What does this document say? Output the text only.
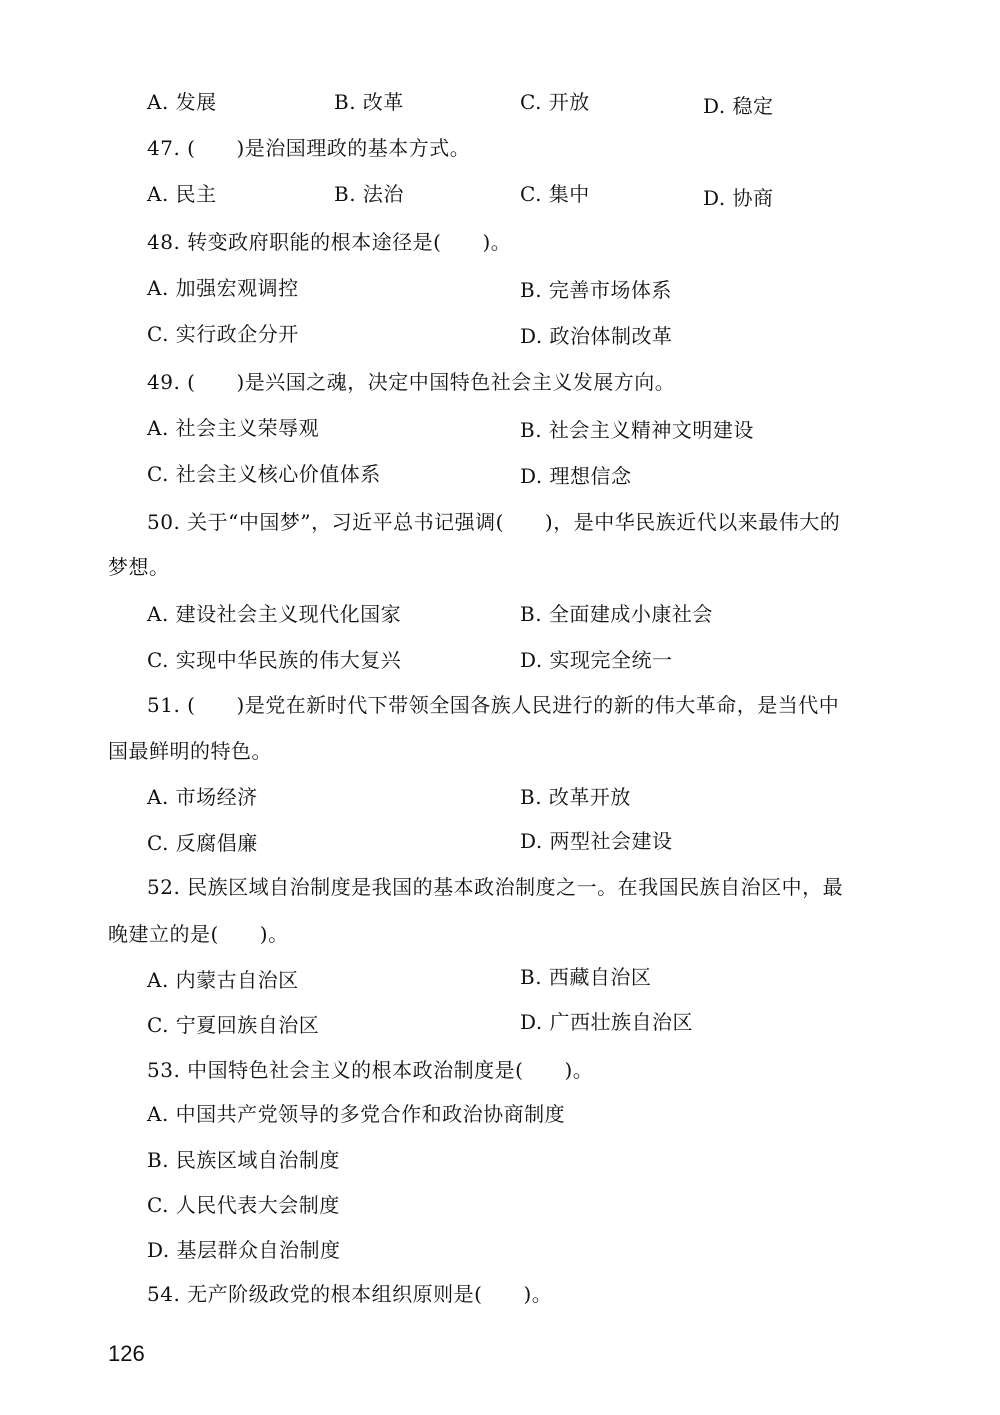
A. 发展	B. 改革	C. 开放	D. 稳定
47. (　　)是治国理政的基本方式。
A. 民主	B. 法治	C. 集中	D. 协商
48. 转变政府职能的根本途径是(　　)。
A. 加强宏观调控	B. 完善市场体系
C. 实行政企分开	D. 政治体制改革
49. (　　)是兴国之魂，决定中国特色社会主义发展方向。
A. 社会主义荣辱观	B. 社会主义精神文明建设
C. 社会主义核心价值体系	D. 理想信念
50. 关于“中国梦”，习近平总书记强调(　　)，是中华民族近代以来最伟大的
梦想。
A. 建设社会主义现代化国家	B. 全面建成小康社会
C. 实现中华民族的伟大复兴	D. 实现完全统一
51. (　　)是党在新时代下带领全国各族人民进行的新的伟大革命，是当代中
国最鲜明的特色。
A. 市场经济	B. 改革开放
C. 反腐倡廉	D. 两型社会建设
52. 民族区域自治制度是我国的基本政治制度之一。在我国民族自治区中，最
晚建立的是(　　)。
A. 内蒙古自治区	B. 西藏自治区
C. 宁夏回族自治区	D. 广西壮族自治区
53. 中国特色社会主义的根本政治制度是(　　)。
A. 中国共产党领导的多党合作和政治协商制度
B. 民族区域自治制度
C. 人民代表大会制度
D. 基层群众自治制度
54. 无产阶级政党的根本组织原则是(　　)。
126
